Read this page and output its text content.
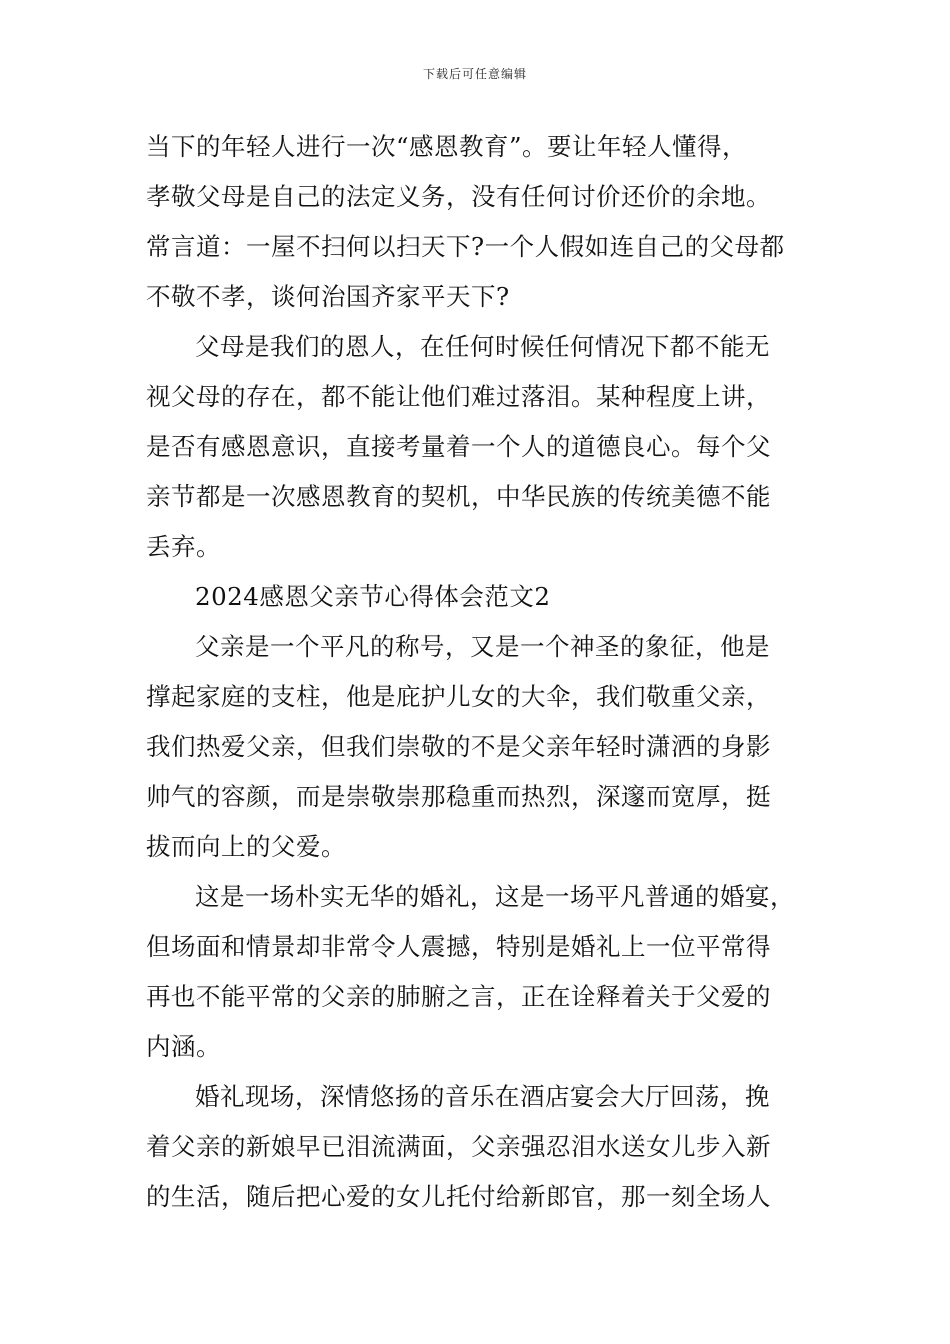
下载后可任意编辑
当下的年轻人进行一次“感恩教育”。要让年轻人懂得，
孝敬父母是自己的法定义务，没有任何讨价还价的余地。
常言道：一屋不扫何以扫天下?一个人假如连自己的父母都
不敬不孝，谈何治国齐家平天下?
父母是我们的恩人，在任何时候任何情况下都不能无
视父母的存在，都不能让他们难过落泪。某种程度上讲，
是否有感恩意识，直接考量着一个人的道德良心。每个父
亲节都是一次感恩教育的契机，中华民族的传统美德不能
丢弃。
2024感恩父亲节心得体会范文2
父亲是一个平凡的称号，又是一个神圣的象征，他是
撑起家庭的支柱，他是庇护儿女的大伞，我们敬重父亲，
我们热爱父亲，但我们崇敬的不是父亲年轻时潇洒的身影
帅气的容颜，而是崇敬崇那稳重而热烈，深邃而宽厚，挺
拔而向上的父爱。
这是一场朴实无华的婚礼，这是一场平凡普通的婚宴，
但场面和情景却非常令人震撼，特别是婚礼上一位平常得
再也不能平常的父亲的肺腑之言，正在诠释着关于父爱的
内涵。
婚礼现场，深情悠扬的音乐在酒店宴会大厅回荡，挽
着父亲的新娘早已泪流满面，父亲强忍泪水送女儿步入新
的生活，随后把心爱的女儿托付给新郎官，那一刻全场人
